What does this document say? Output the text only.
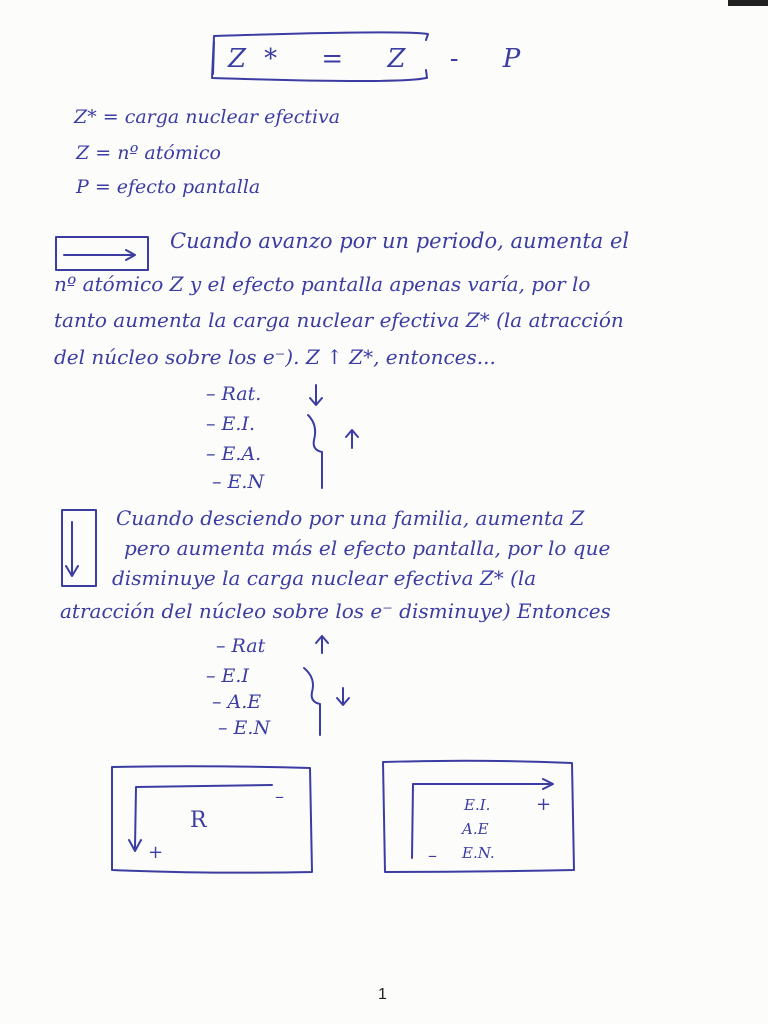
Z* = Z - P
Z* = carga nuclear efectiva
Z = nº atómico
P = efecto pantalla
Cuando avanzo por un periodo, aumenta el
nº atómico Z y el efecto pantalla apenas varía, por lo
tanto aumenta la carga nuclear efectiva Z* (la atracción
del núcleo sobre los e⁻). Z ↑ Z*, entonces...
– Rat.
– E.I.
– E.A.
– E.N
Cuando desciendo por una familia, aumenta Z
pero aumenta más el efecto pantalla, por lo que
disminuye la carga nuclear efectiva Z* (la
atracción del núcleo sobre los e⁻ disminuye) Entonces
– Rat
– E.I
– A.E
– E.N
R
–
+
E.I.
A.E
E.N.
+
–
1
